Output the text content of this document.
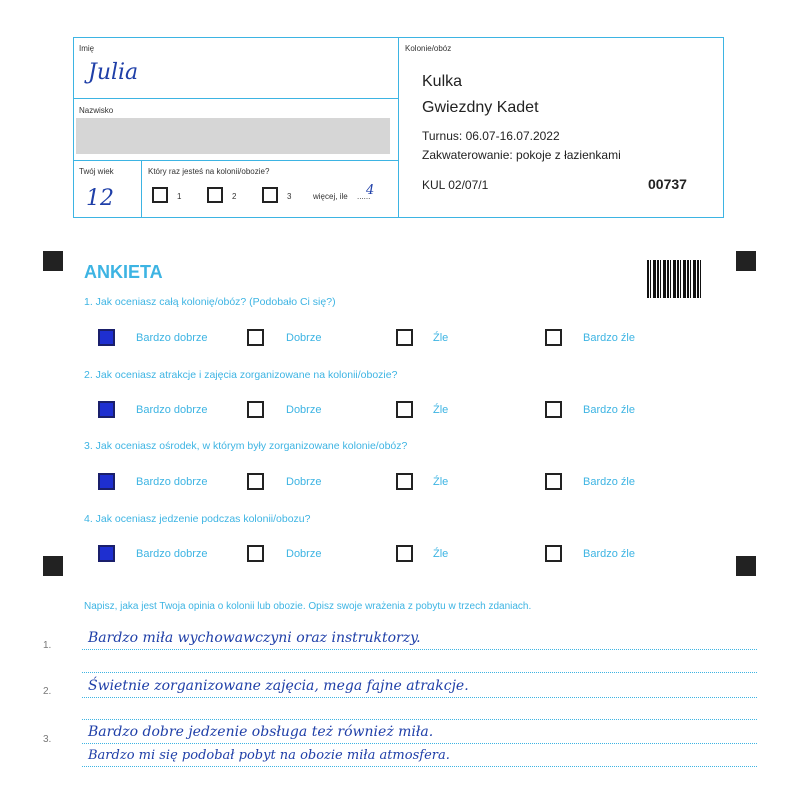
Imię
Julia
Nazwisko
Twój wiek
12
Który raz jesteś na kolonii/obozie?
1	2	3	więcej, ile ......
4
Kolonie/obóz
Kulka
Gwiezdny Kadet
Turnus: 06.07-16.07.2022
Zakwaterowanie: pokoje z łazienkami
KUL 02/07/1	00737
ANKIETA
1. Jak oceniasz całą kolonię/obóz? (Podobało Ci się?)
Bardzo dobrze	Dobrze	Źle	Bardzo źle
2. Jak oceniasz atrakcje i zajęcia zorganizowane na kolonii/obozie?
Bardzo dobrze	Dobrze	Źle	Bardzo źle
3. Jak oceniasz ośrodek, w którym były zorganizowane kolonie/obóz?
Bardzo dobrze	Dobrze	Źle	Bardzo źle
4. Jak oceniasz jedzenie podczas kolonii/obozu?
Bardzo dobrze	Dobrze	Źle	Bardzo źle
Napisz, jaka jest Twoja opinia o kolonii lub obozie. Opisz swoje wrażenia z pobytu w trzech zdaniach.
1.
2.
3.
Bardzo miła wychowawczyni oraz instruktorzy.
Świetnie zorganizowane zajęcia, mega fajne atrakcje.
Bardzo dobre jedzenie obsługa też również miła.
Bardzo mi się podobał pobyt na obozie miła atmosfera.
